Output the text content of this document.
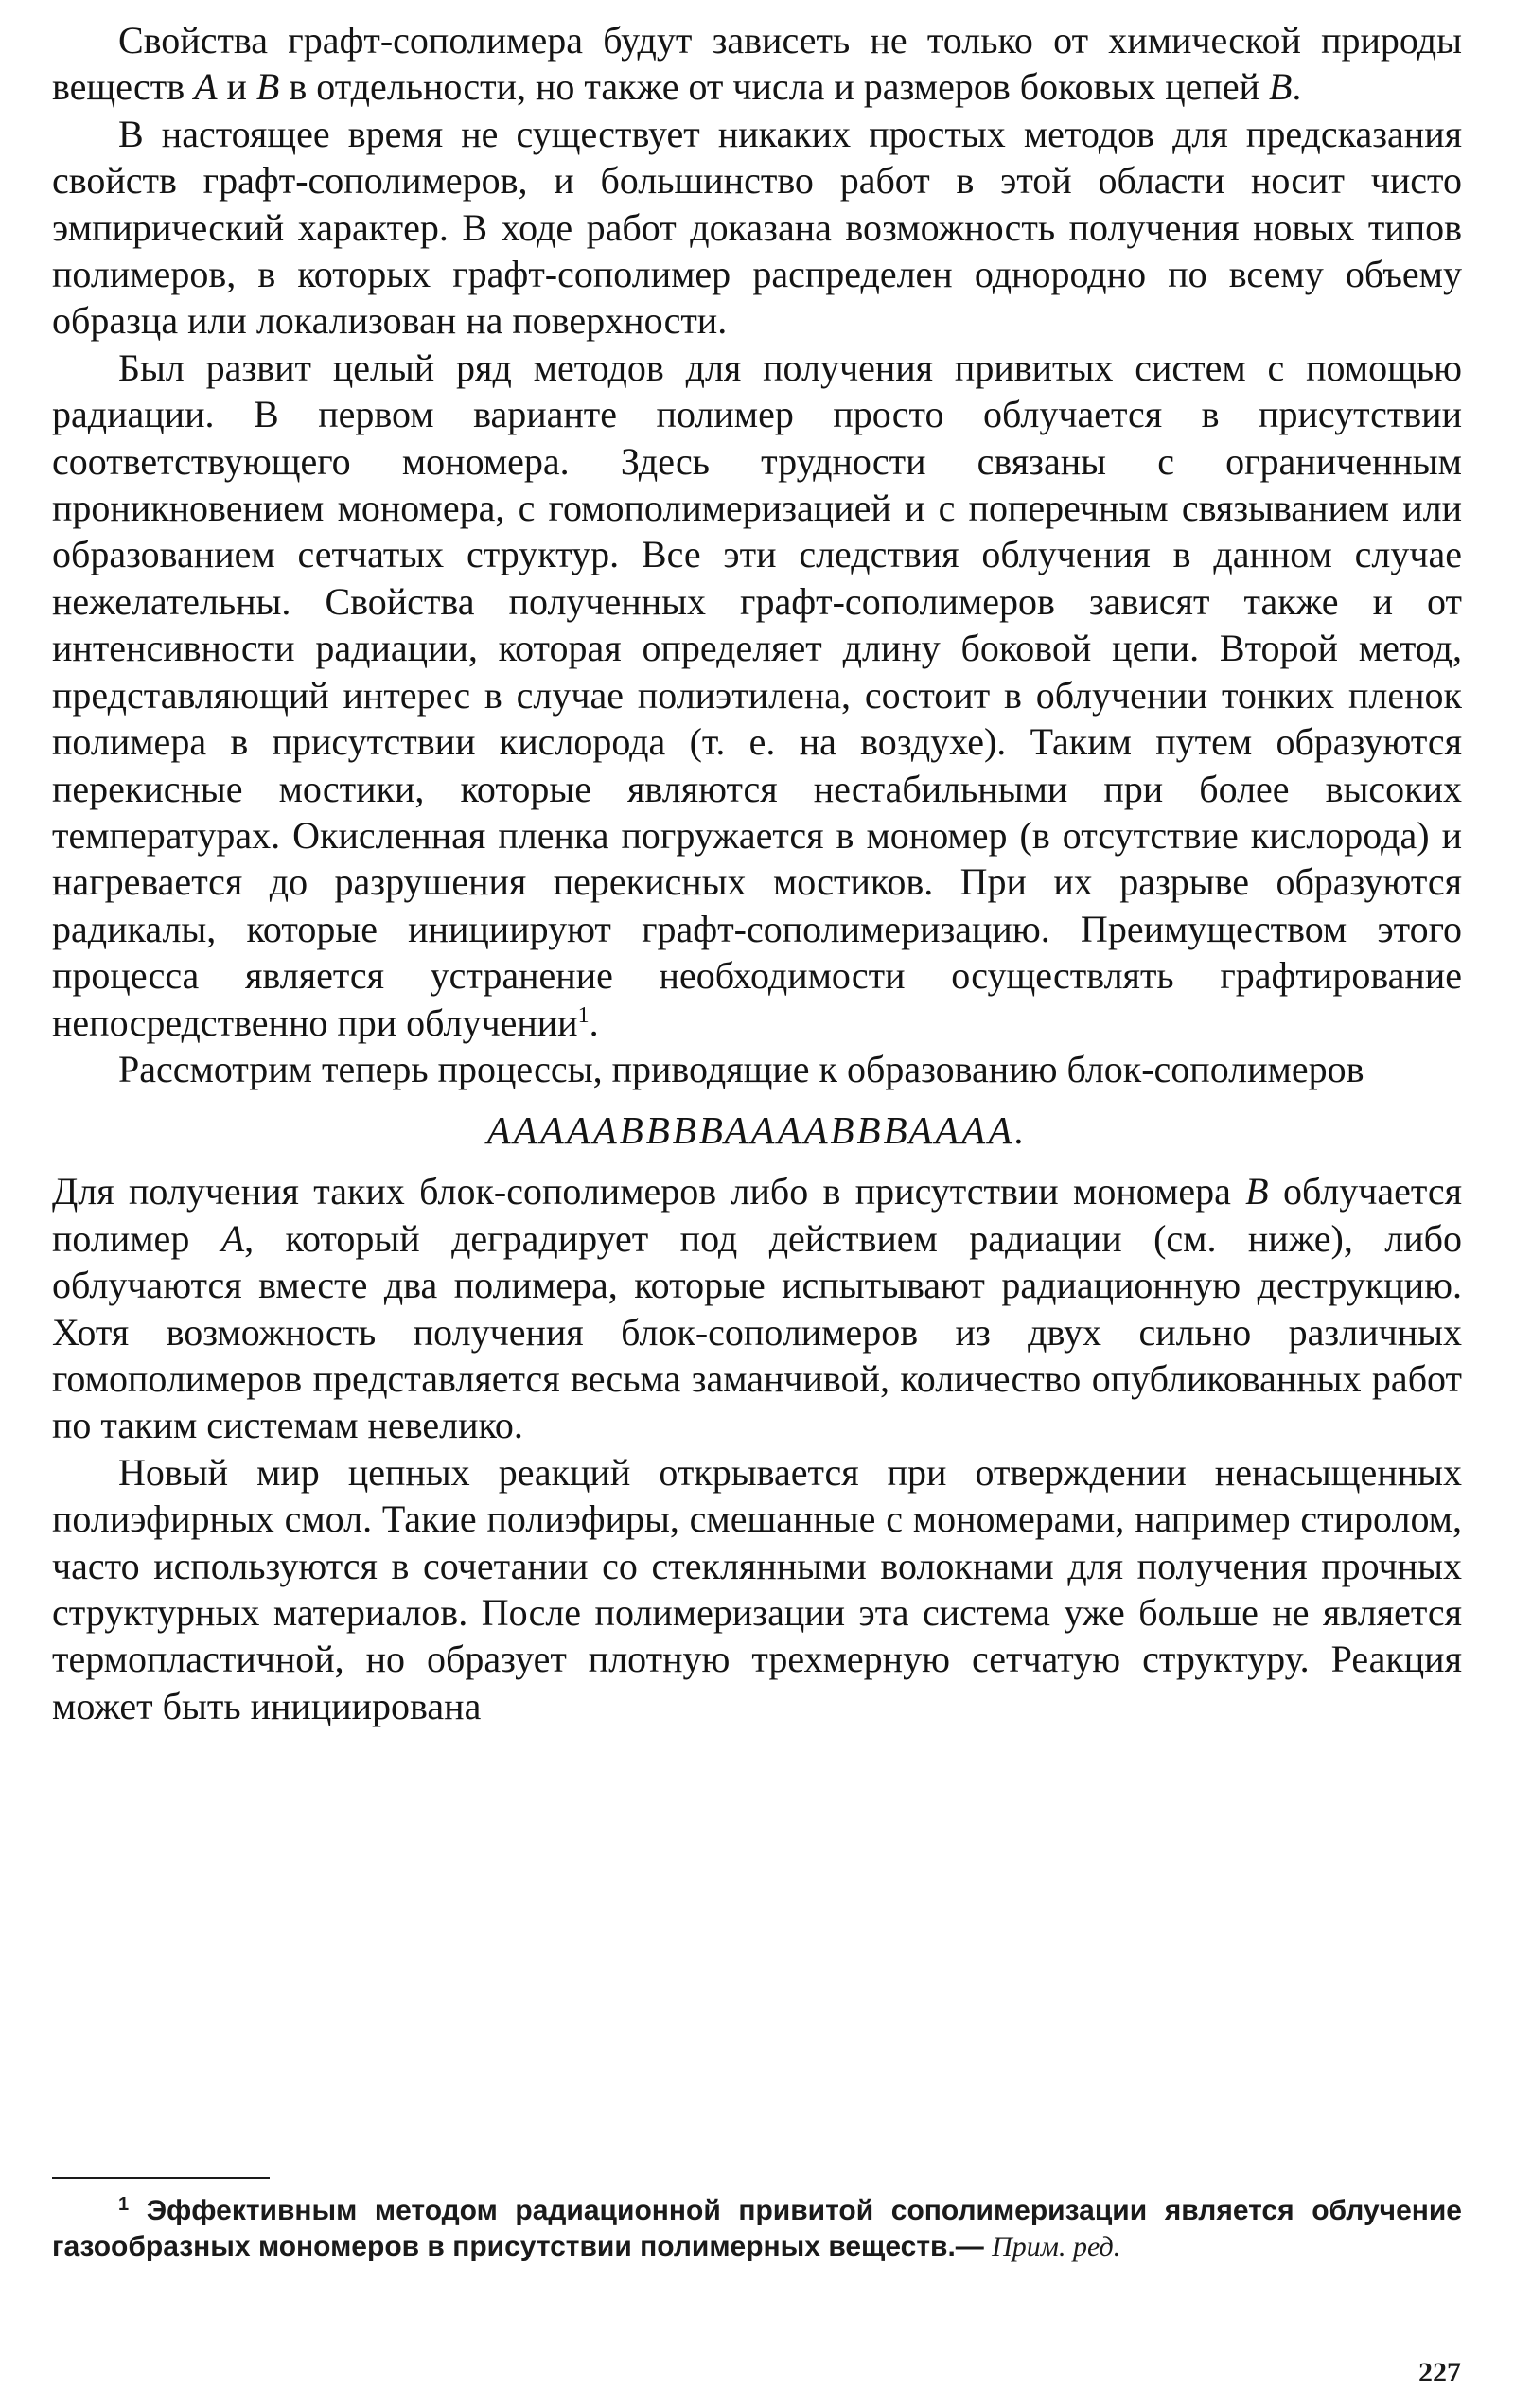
Свойства графт-сополимера будут зависеть не только от химической природы веществ А и В в отдельности, но также от числа и размеров боковых цепей В.

В настоящее время не существует никаких простых методов для предсказания свойств графт-сополимеров, и большинство работ в этой области носит чисто эмпирический характер. В ходе работ доказана возможность получения новых типов полимеров, в которых графт-сополимер распределен однородно по всему объему образца или локализован на поверхности.

Был развит целый ряд методов для получения привитых систем с помощью радиации. В первом варианте полимер просто облучается в присутствии соответствующего мономера. Здесь трудности связаны с ограниченным проникновением мономера, с гомополимеризацией и с поперечным связыванием или образованием сетчатых структур. Все эти следствия облучения в данном случае нежелательны. Свойства полученных графт-сополимеров зависят также и от интенсивности радиации, которая определяет длину боковой цепи. Второй метод, представляющий интерес в случае полиэтилена, состоит в облучении тонких пленок полимера в присутствии кислорода (т. е. на воздухе). Таким путем образуются перекисные мостики, которые являются нестабильными при более высоких температурах. Окисленная пленка погружается в мономер (в отсутствие кислорода) и нагревается до разрушения перекисных мостиков. При их разрыве образуются радикалы, которые инициируют графт-сополимеризацию. Преимуществом этого процесса является устранение необходимости осуществлять графтирование непосредственно при облучении$^1$.

Рассмотрим теперь процессы, приводящие к образованию блок-сополимеров

АААААВВВВААААВВВАААА.

Для получения таких блок-сополимеров либо в присутствии мономера В облучается полимер А, который деградирует под действием радиации (см. ниже), либо облучаются вместе два полимера, которые испытывают радиационную деструкцию. Хотя возможность получения блок-сополимеров из двух сильно различных гомополимеров представляется весьма заманчивой, количество опубликованных работ по таким системам невелико.

Новый мир цепных реакций открывается при отверждении ненасыщенных полиэфирных смол. Такие полиэфиры, смешанные с мономерами, например стиролом, часто используются в сочетании со стеклянными волокнами для получения прочных структурных материалов. После полимеризации эта система уже больше не является термопластичной, но образует плотную трехмерную сетчатую структуру. Реакция может быть инициирована

$^1$ Эффективным методом радиационной привитой сополимеризации является облучение газообразных мономеров в присутствии полимерных веществ.— Прим. ред.

227
